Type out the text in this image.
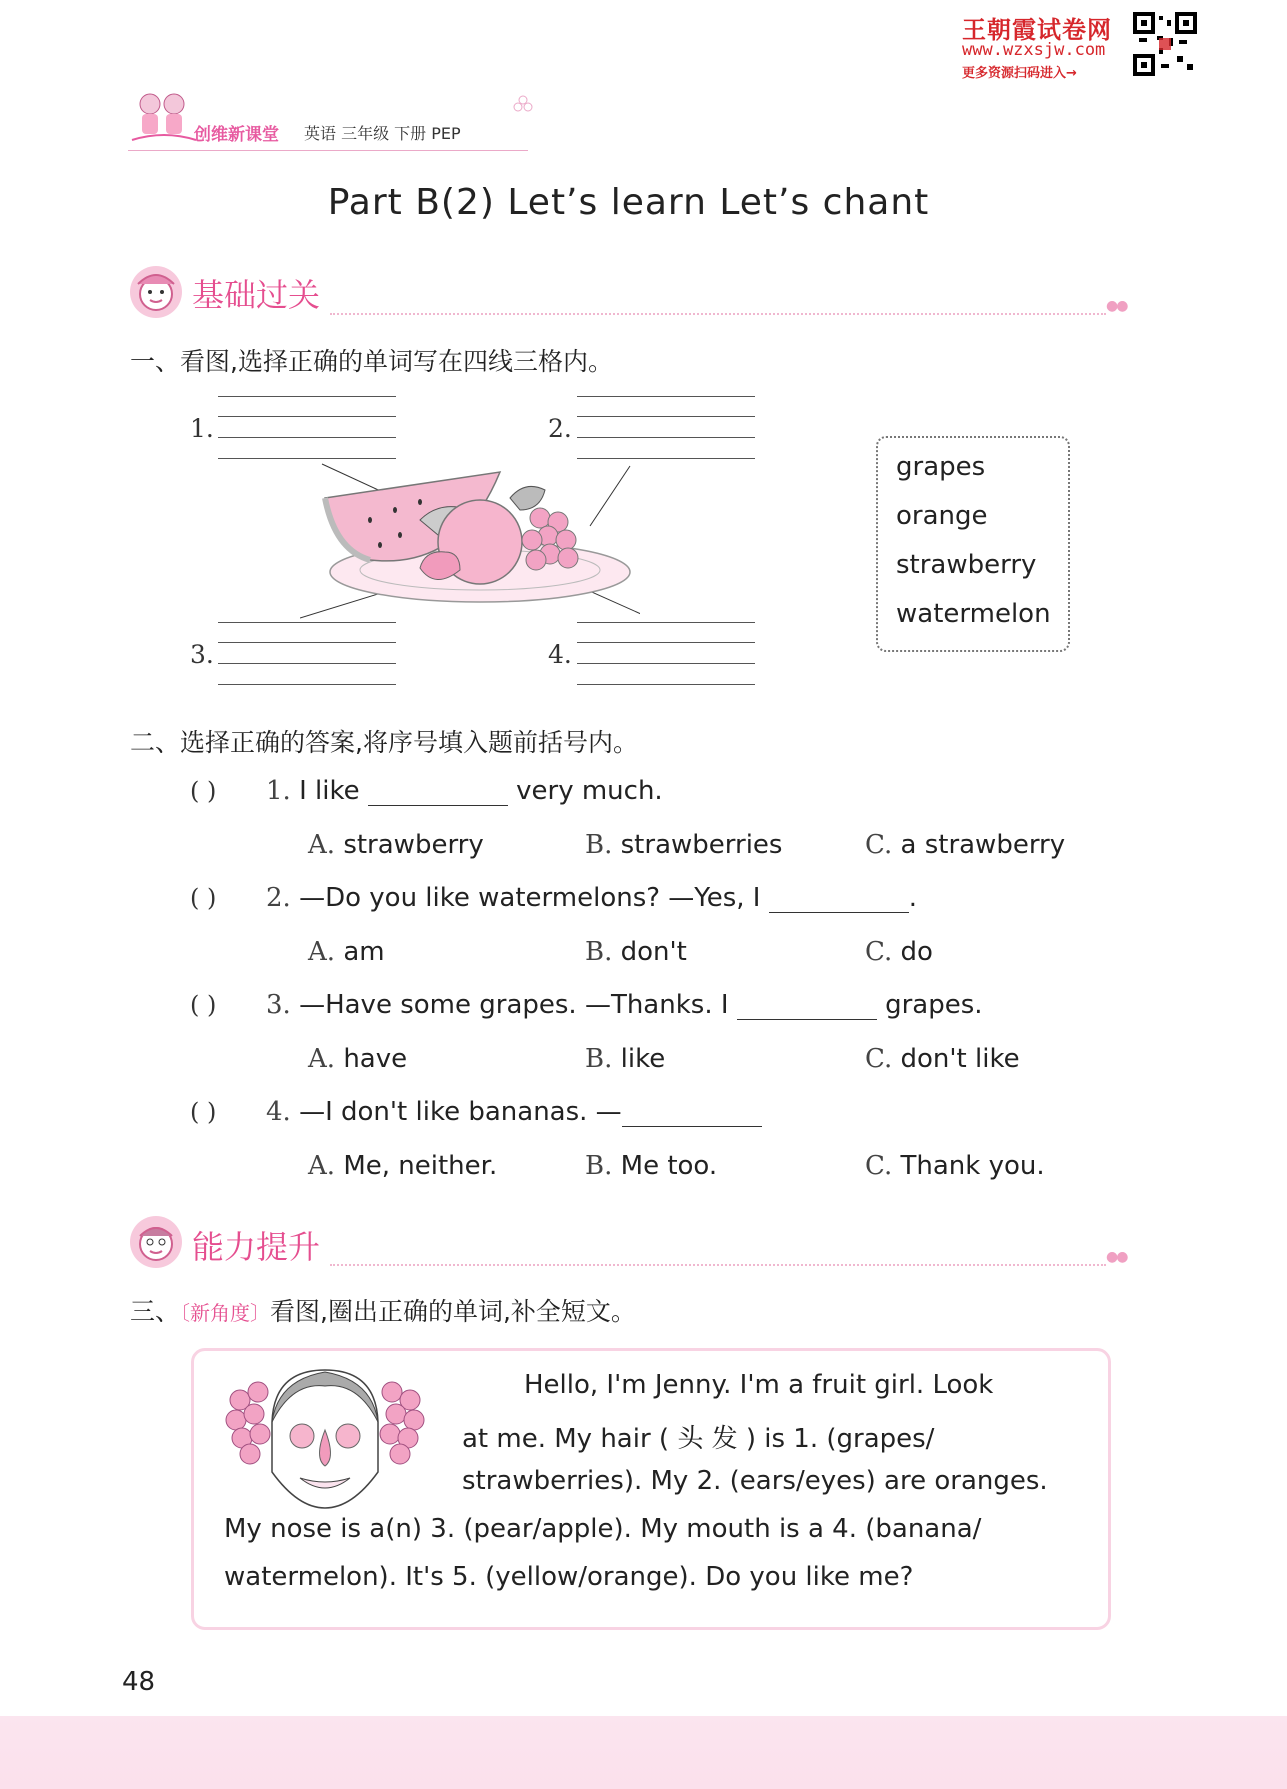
王朝霞试卷网
www.wzxsjw.com
更多资源扫码进入→
创维新课堂 英语 三年级 下册 PEP
Part B(2) Let’s learn Let’s chant
基础过关	●●
一、看图,选择正确的单词写在四线三格内。
1.	2.
3.	4.
grapes
orange
strawberry
watermelon
二、选择正确的答案,将序号填入题前括号内。
( ) 1. I like	very much.
A. strawberry	B. strawberries	C. a strawberry
( ) 2. —Do you like watermelons? —Yes, I	.
A. am	B. don't	C. do
( ) 3. —Have some grapes. —Thanks. I	grapes.
A. have	B. like	C. don't like
( ) 4. —I don't like bananas. —
A. Me, neither.	B. Me too.	C. Thank you.
能力提升	●●
三、〔新角度〕看图,圈出正确的单词,补全短文。
Hello, I'm Jenny. I'm a fruit girl. Look
at me. My hair ( 头 发 ) is 1. (grapes/
strawberries). My 2. (ears/eyes) are oranges.
My nose is a(n) 3. (pear/apple). My mouth is a 4. (banana/
watermelon). It's 5. (yellow/orange). Do you like me?
48
